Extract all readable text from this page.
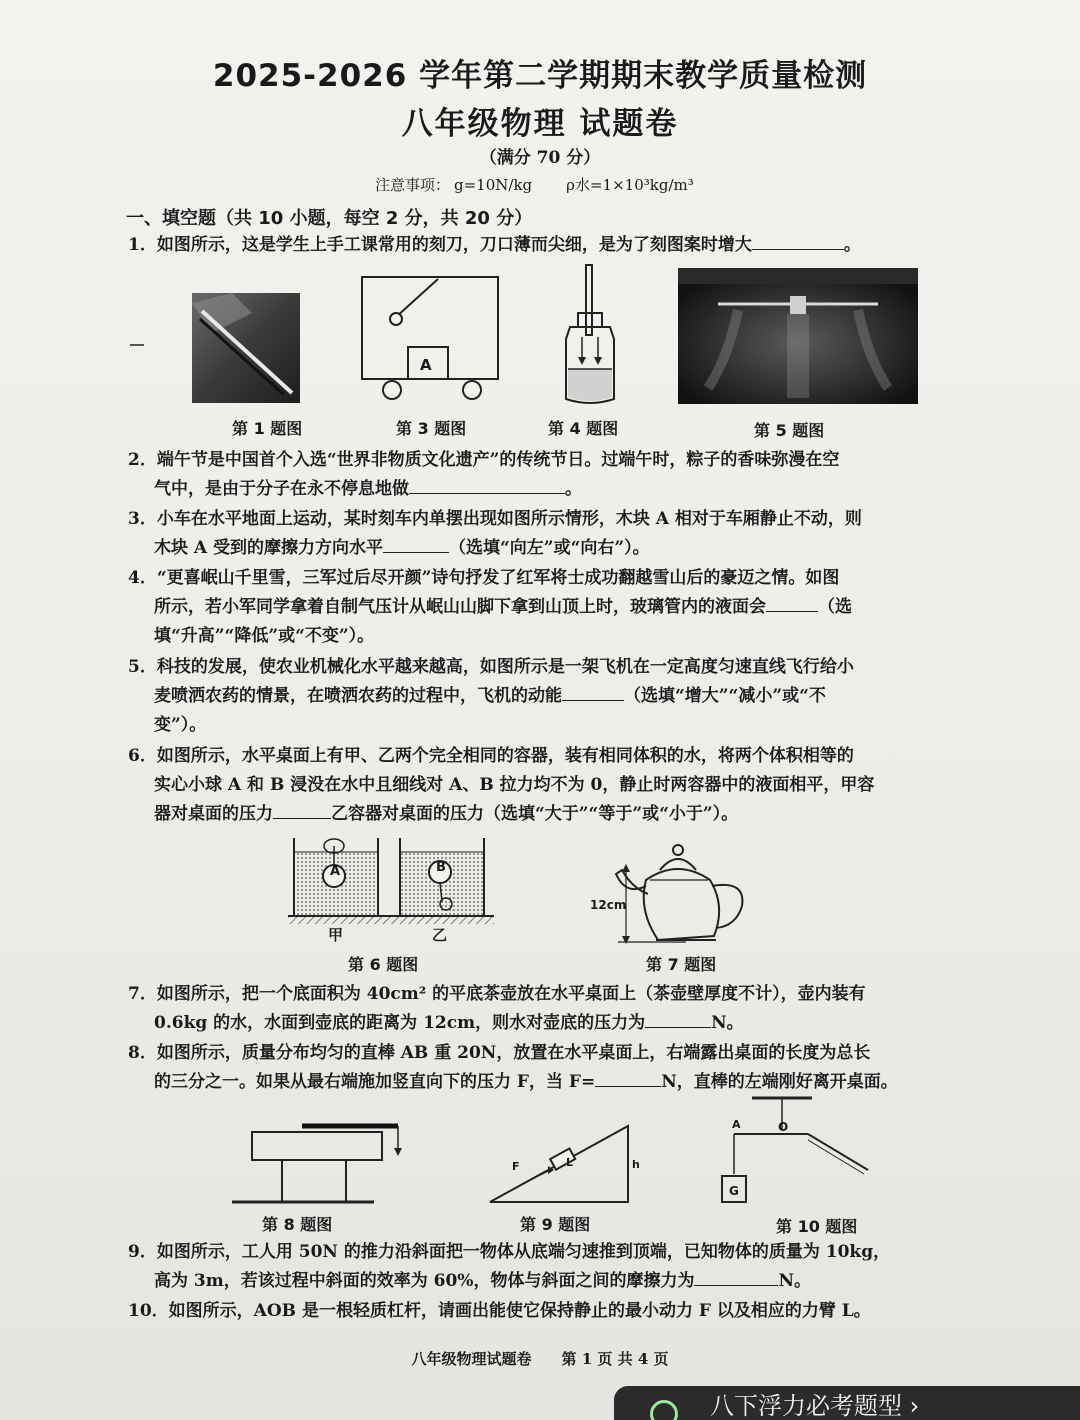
2025-2026 学年第二学期期末教学质量检测
八年级物理 试题卷
（满分 70 分）
注意事项： g=10N/kg ρ水=1×10³kg/m³
一、填空题（共 10 小题，每空 2 分，共 20 分）
1．如图所示，这是学生上手工课常用的刻刀，刀口薄而尖细，是为了刻图案时增大	。
A
第 1 题图	第 3 题图	第 4 题图	第 5 题图
2．端午节是中国首个入选“世界非物质文化遗产”的传统节日。过端午时，粽子的香味弥漫在空
气中，是由于分子在永不停息地做	。
3．小车在水平地面上运动，某时刻车内单摆出现如图所示情形，木块 A 相对于车厢静止不动，则
木块 A 受到的摩擦力方向水平	（选填“向左”或“向右”）。
4．“更喜岷山千里雪，三军过后尽开颜”诗句抒发了红军将士成功翻越雪山后的豪迈之情。如图
所示，若小军同学拿着自制气压计从岷山山脚下拿到山顶上时，玻璃管内的液面会	（选
填“升高”“降低”或“不变”）。
5．科技的发展，使农业机械化水平越来越高，如图所示是一架飞机在一定高度匀速直线飞行给小
麦喷洒农药的情景，在喷洒农药的过程中，飞机的动能	（选填“增大”“减小”或“不
变”）。
6．如图所示，水平桌面上有甲、乙两个完全相同的容器，装有相同体积的水，将两个体积相等的
实心小球 A 和 B 浸没在水中且细线对 A、B 拉力均不为 0，静止时两容器中的液面相平，甲容
器对桌面的压力	乙容器对桌面的压力（选填“大于”“等于”或“小于”）。
A	B
甲	乙
12cm
第 6 题图	第 7 题图
7．如图所示，把一个底面积为 40cm² 的平底茶壶放在水平桌面上（茶壶壁厚度不计），壶内装有
0.6kg 的水，水面到壶底的距离为 12cm，则水对壶底的压力为	N。
8．如图所示，质量分布均匀的直棒 AB 重 20N，放置在水平桌面上，右端露出桌面的长度为总长
的三分之一。如果从最右端施加竖直向下的压力 F，当 F=	N，直棒的左端刚好离开桌面。
F	L	h
A	O
G
第 8 题图	第 9 题图	第 10 题图
9．如图所示，工人用 50N 的推力沿斜面把一物体从底端匀速推到顶端，已知物体的质量为 10kg，
高为 3m，若该过程中斜面的效率为 60%，物体与斜面之间的摩擦力为	N。
10．如图所示，AOB 是一根轻质杠杆，请画出能使它保持静止的最小动力 F 以及相应的力臂 L。
八年级物理试题卷　　第 1 页 共 4 页
八下浮力必考题型 ›
